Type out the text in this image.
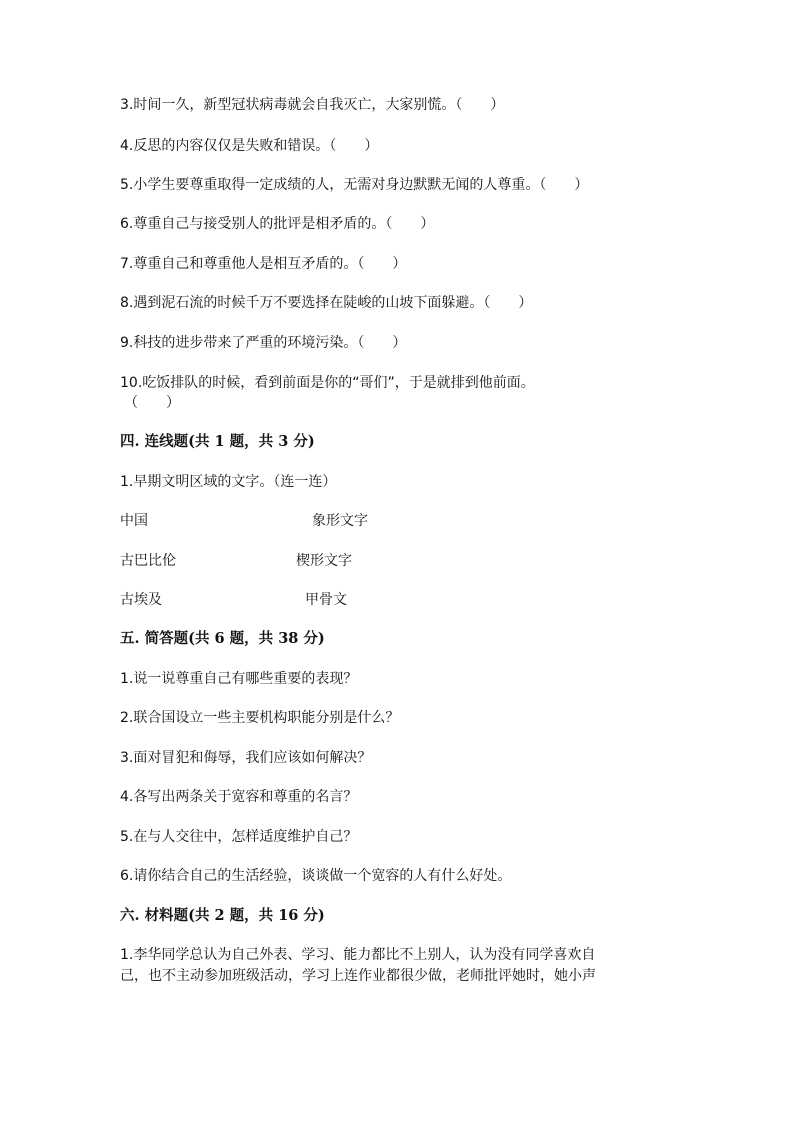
3.时间一久，新型冠状病毒就会自我灭亡，大家别慌。（　　）
4.反思的内容仅仅是失败和错误。（　　）
5.小学生要尊重取得一定成绩的人，无需对身边默默无闻的人尊重。（　　）
6.尊重自己与接受别人的批评是相矛盾的。（　　）
7.尊重自己和尊重他人是相互矛盾的。（　　）
8.遇到泥石流的时候千万不要选择在陡峻的山坡下面躲避。（　　）
9.科技的进步带来了严重的环境污染。（　　）
10.吃饭排队的时候，看到前面是你的“哥们”，于是就排到他前面。
（　　）
四. 连线题(共 1 题，共 3 分)
1.早期文明区域的文字。（连一连）
中国	象形文字
古巴比伦	楔形文字
古埃及	甲骨文
五. 简答题(共 6 题，共 38 分)
1.说一说尊重自己有哪些重要的表现？
2.联合国设立一些主要机构职能分别是什么？
3.面对冒犯和侮辱，我们应该如何解决？
4.各写出两条关于宽容和尊重的名言？
5.在与人交往中，怎样适度维护自己？
6.请你结合自己的生活经验，谈谈做一个宽容的人有什么好处。
六. 材料题(共 2 题，共 16 分)
1.李华同学总认为自己外表、学习、能力都比不上别人，认为没有同学喜欢自
己，也不主动参加班级活动，学习上连作业都很少做，老师批评她时，她小声
